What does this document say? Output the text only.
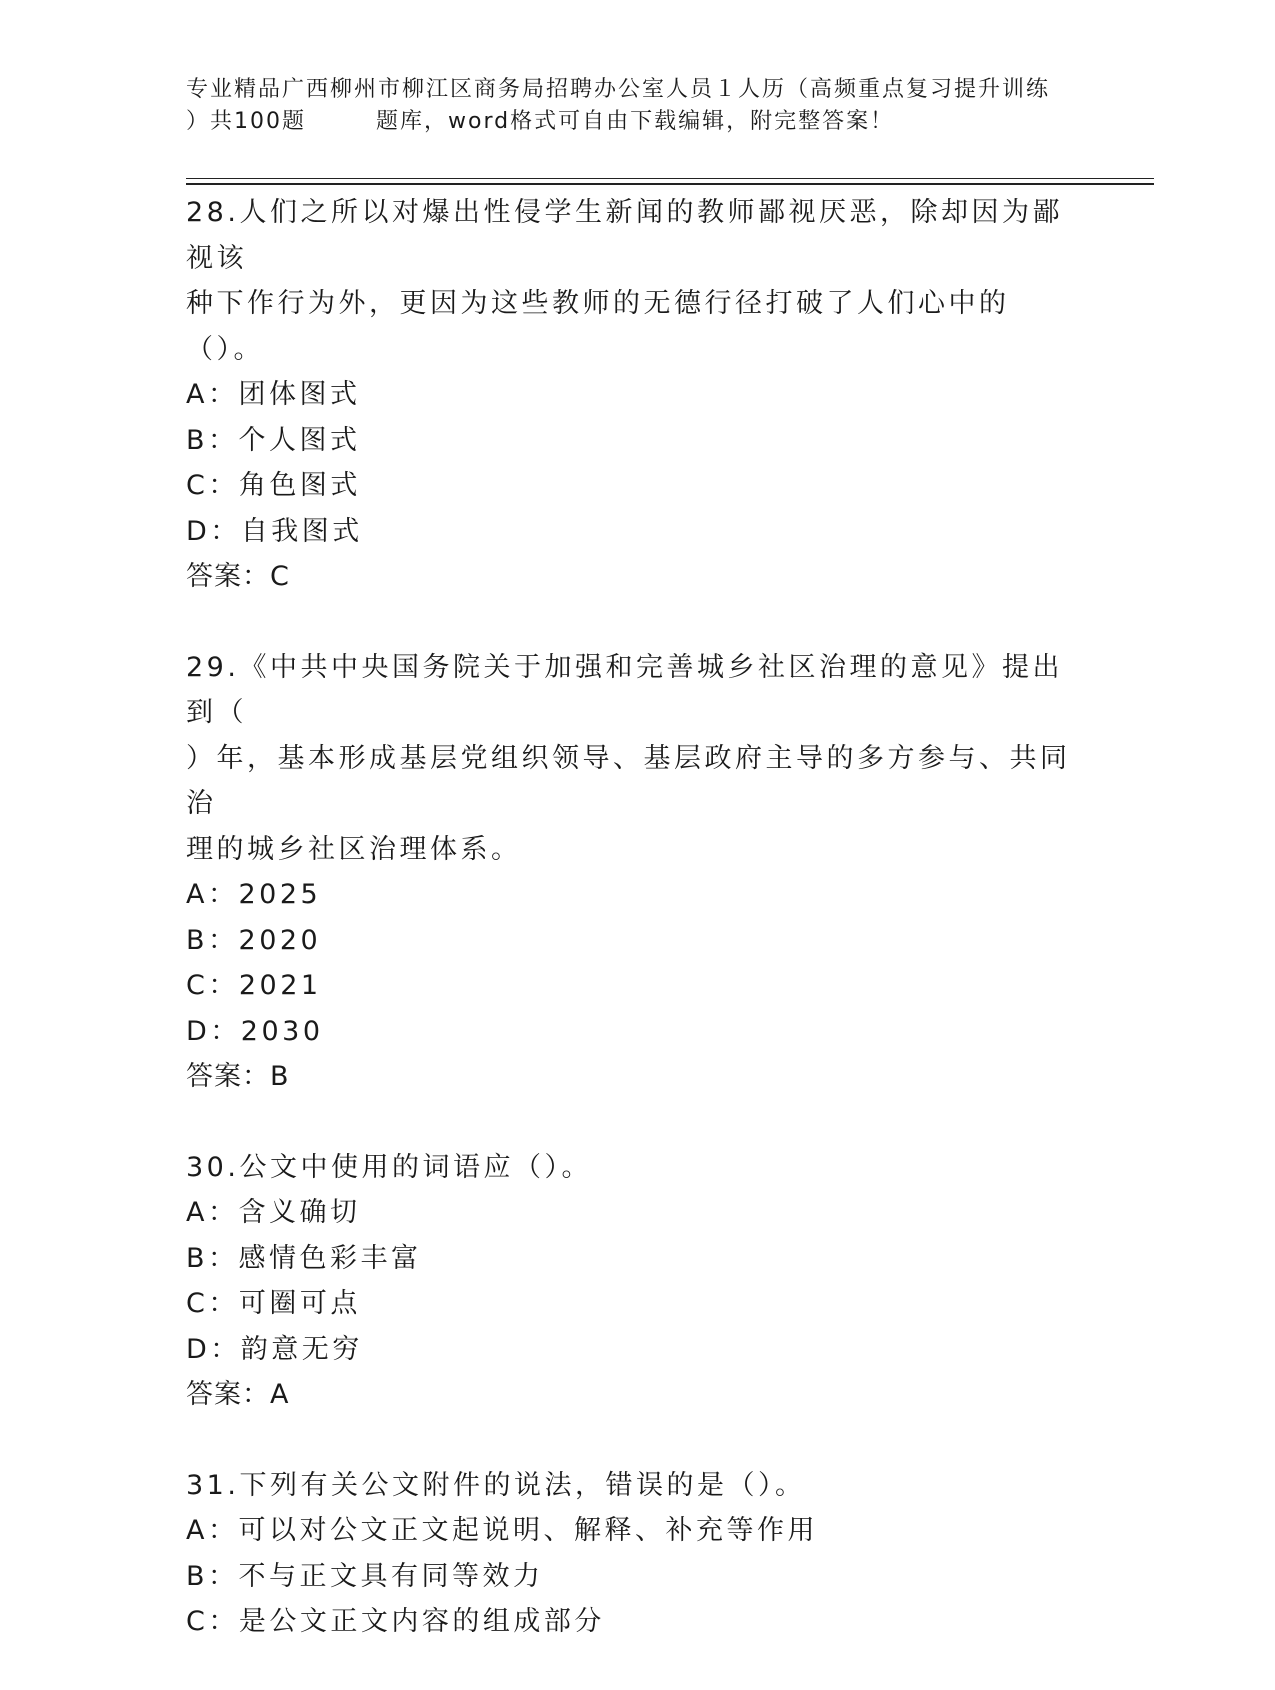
专业精品广西柳州市柳江区商务局招聘办公室人员１人历（高频重点复习提升训练
）共100题	题库，word格式可自由下载编辑，附完整答案！
28.人们之所以对爆出性侵学生新闻的教师鄙视厌恶，除却因为鄙视该
种下作行为外，更因为这些教师的无德行径打破了人们心中的（）。
A：团体图式
B：个人图式
C：角色图式
D：自我图式
答案：C
29.《中共中央国务院关于加强和完善城乡社区治理的意见》提出到（
）年，基本形成基层党组织领导、基层政府主导的多方参与、共同治
理的城乡社区治理体系。
A：2025
B：2020
C：2021
D：2030
答案：B
30.公文中使用的词语应（）。
A：含义确切
B：感情色彩丰富
C：可圈可点
D：韵意无穷
答案：A
31.下列有关公文附件的说法，错误的是（）。
A：可以对公文正文起说明、解释、补充等作用
B：不与正文具有同等效力
C：是公文正文内容的组成部分
